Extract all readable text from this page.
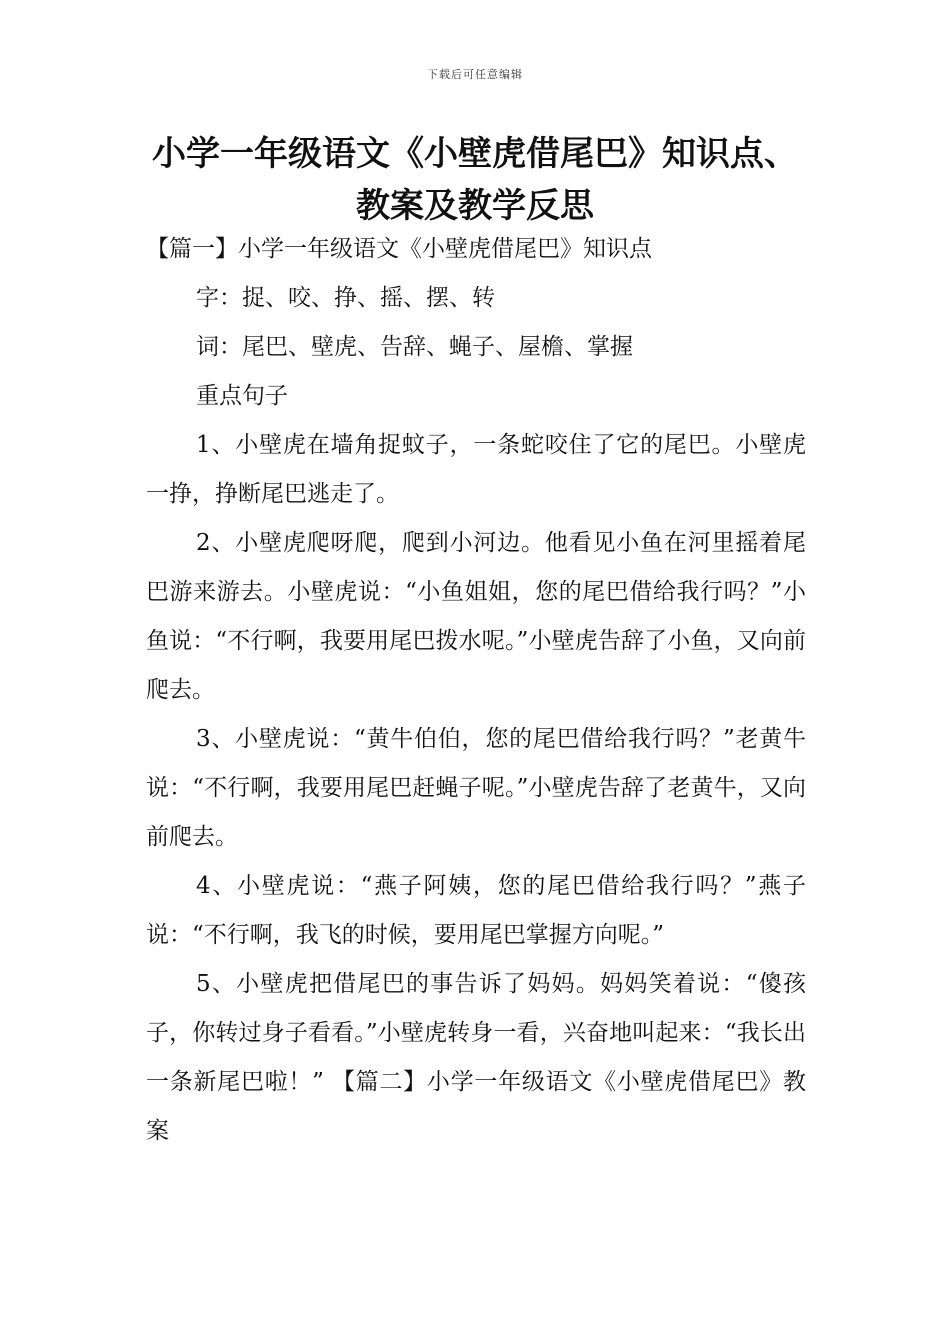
下载后可任意编辑
小学一年级语文《小壁虎借尾巴》知识点、
教案及教学反思
【篇一】小学一年级语文《小壁虎借尾巴》知识点
字：捉、咬、挣、摇、摆、转
词：尾巴、壁虎、告辞、蝇子、屋檐、掌握
重点句子

1、小壁虎在墙角捉蚊子，一条蛇咬住了它的尾巴。小壁虎一挣，挣断尾巴逃走了。

2、小壁虎爬呀爬，爬到小河边。他看见小鱼在河里摇着尾巴游来游去。小壁虎说：“小鱼姐姐，您的尾巴借给我行吗？”小鱼说：“不行啊，我要用尾巴拨水呢。”小壁虎告辞了小鱼，又向前爬去。

3、小壁虎说：“黄牛伯伯，您的尾巴借给我行吗？”老黄牛说：“不行啊，我要用尾巴赶蝇子呢。”小壁虎告辞了老黄牛，又向前爬去。

4、小壁虎说：“燕子阿姨，您的尾巴借给我行吗？”燕子说：“不行啊，我飞的时候，要用尾巴掌握方向呢。”

5、小壁虎把借尾巴的事告诉了妈妈。妈妈笑着说：“傻孩子，你转过身子看看。”小壁虎转身一看，兴奋地叫起来：“我长出一条新尾巴啦！” 【篇二】小学一年级语文《小壁虎借尾巴》教案
